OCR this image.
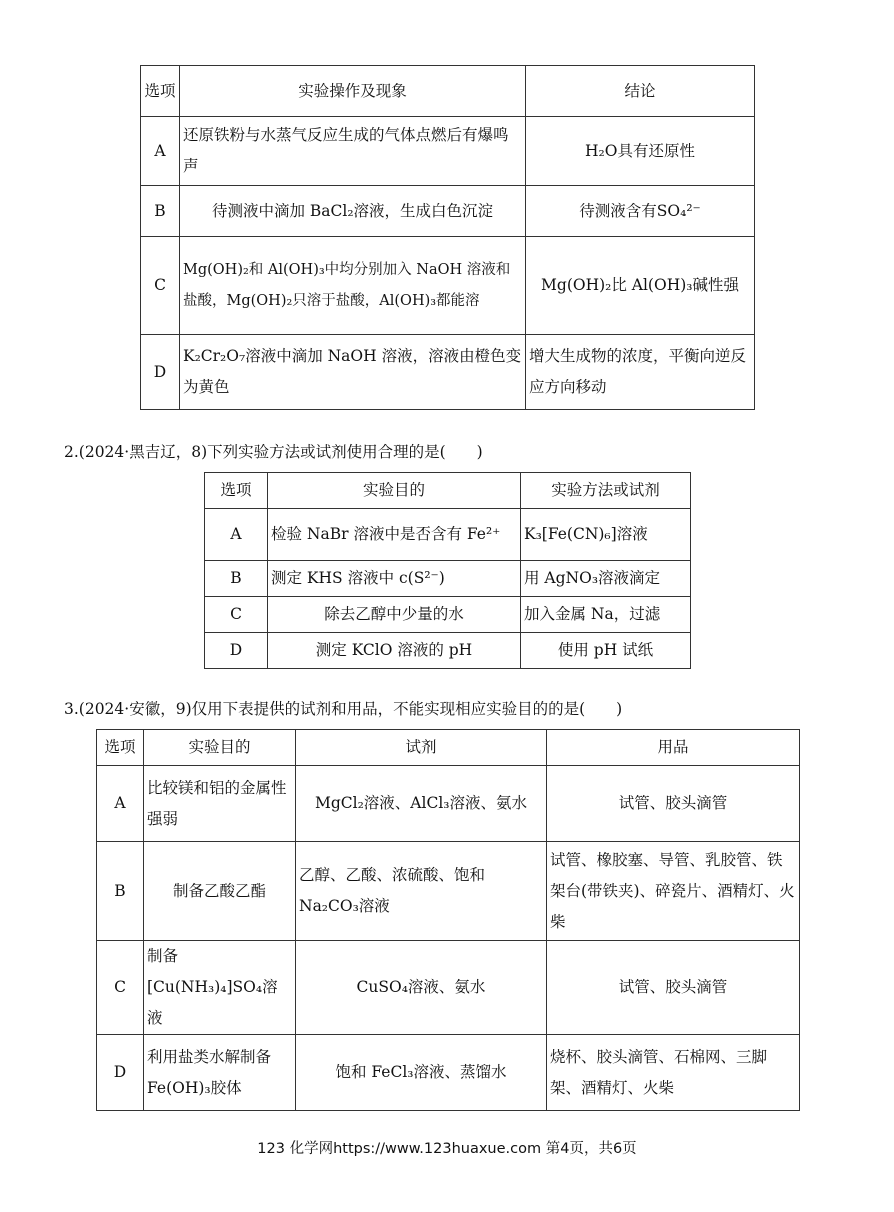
选项	实验操作及现象	结论
A	还原铁粉与水蒸气反应生成的气体点燃后有爆鸣声	H₂O具有还原性
B	待测液中滴加 BaCl₂溶液，生成白色沉淀	待测液含有SO₄²⁻
C	Mg(OH)₂和 Al(OH)₃中均分别加入 NaOH 溶液和盐酸，Mg(OH)₂只溶于盐酸，Al(OH)₃都能溶	Mg(OH)₂比 Al(OH)₃碱性强
D	K₂Cr₂O₇溶液中滴加 NaOH 溶液，溶液由橙色变为黄色	增大生成物的浓度，平衡向逆反应方向移动
2.(2024·黑吉辽，8)下列实验方法或试剂使用合理的是(　　)
选项	实验目的	实验方法或试剂
A	检验 NaBr 溶液中是否含有 Fe²⁺	K₃[Fe(CN)₆]溶液
B	测定 KHS 溶液中 c(S²⁻)	用 AgNO₃溶液滴定
C	除去乙醇中少量的水	加入金属 Na，过滤
D	测定 KClO 溶液的 pH	使用 pH 试纸
3.(2024·安徽，9)仅用下表提供的试剂和用品，不能实现相应实验目的的是(　　)
选项	实验目的	试剂	用品
A	比较镁和铝的金属性强弱	MgCl₂溶液、AlCl₃溶液、氨水	试管、胶头滴管
B	制备乙酸乙酯	乙醇、乙酸、浓硫酸、饱和Na₂CO₃溶液	试管、橡胶塞、导管、乳胶管、铁架台(带铁夹)、碎瓷片、酒精灯、火柴
C	制备[Cu(NH₃)₄]SO₄溶液	CuSO₄溶液、氨水	试管、胶头滴管
D	利用盐类水解制备Fe(OH)₃胶体	饱和 FeCl₃溶液、蒸馏水	烧杯、胶头滴管、石棉网、三脚架、酒精灯、火柴
123 化学网https://www.123huaxue.com 第4页，共6页
